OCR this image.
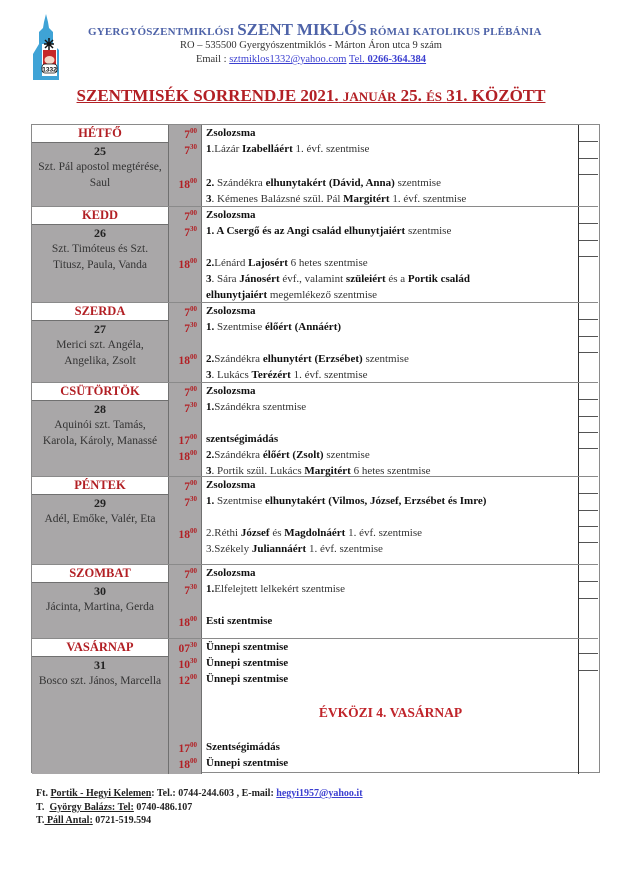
1332
GYERGYÓSZENTMIKLÓSI SZENT MIKLÓS RÓMAI KATOLIKUS PLÉBÁNIA
RO – 535500 Gyergyószentmiklós - Márton Áron utca 9 szám
Email : sztmiklos1332@yahoo.com Tel. 0266-364.384
SZENTMISÉK SORRENDJE 2021. JANUÁR 25. ÉS 31. KÖZÖTT
HÉTFŐ
25
Szt. Pál apostol megtérése, Saul
$7^{00}$
$7^{30}$
$18^{00}$
Zsolozsma
1.Lázár Izabelláért 1. évf. szentmise
2. Szándékra elhunytakért (Dávid, Anna) szentmise
3. Kémenes Balázsné szül. Pál Margitért 1. évf. szentmise
KEDD
26
Szt. Timóteus és Szt. Titusz, Paula, Vanda
$7^{00}$
$7^{30}$
$18^{00}$
Zsolozsma
1. A Csergő és az Angi család elhunytjaiért szentmise
2.Lénárd Lajosért 6 hetes szentmise
3. Sára Jánosért évf., valamint szüleiért és a Portik család
elhunytjaiért megemlékező szentmise
SZERDA
27
Merici szt. Angéla, Angelika, Zsolt
$7^{00}$
$7^{30}$
$18^{00}$
Zsolozsma
1. Szentmise élőért (Annáért)
2.Szándékra elhunytért (Erzsébet) szentmise
3. Lukács Terézért 1. évf. szentmise
CSÜTÖRTÖK
28
Aquinói szt. Tamás, Karola, Károly, Manassé
$7^{00}$
$7^{30}$
$17^{00}$
$18^{00}$
Zsolozsma
1.Szándékra szentmise
szentségimádás
2.Szándékra élőért (Zsolt) szentmise
3. Portik szül. Lukács Margitért 6 hetes szentmise
PÉNTEK
29
Adél, Emőke, Valér, Eta
$7^{00}$
$7^{30}$
$18^{00}$
Zsolozsma
1. Szentmise elhunytakért (Vilmos, József, Erzsébet és Imre)
2.Réthi József és Magdolnáért 1. évf. szentmise
3.Székely Juliannáért 1. évf. szentmise
SZOMBAT
30
Jácinta, Martina, Gerda
$7^{00}$
$7^{30}$
$18^{00}$
Zsolozsma
1.Elfelejtett lelkekért szentmise
Esti szentmise
VASÁRNAP
31
Bosco szt. János, Marcella
$07^{30}$
$10^{30}$
$12^{00}$
$17^{00}$
$18^{00}$
Ünnepi szentmise
Ünnepi szentmise
Ünnepi szentmise
Szentségimádás
Ünnepi szentmise
ÉVKÖZI 4. VASÁRNAP
Ft. Portik - Hegyi Kelemen: Tel.: 0744-244.603 , E-mail: hegyi1957@yahoo.it
T. György Balázs: Tel: 0740-486.107
T. Páll Antal: 0721-519.594
